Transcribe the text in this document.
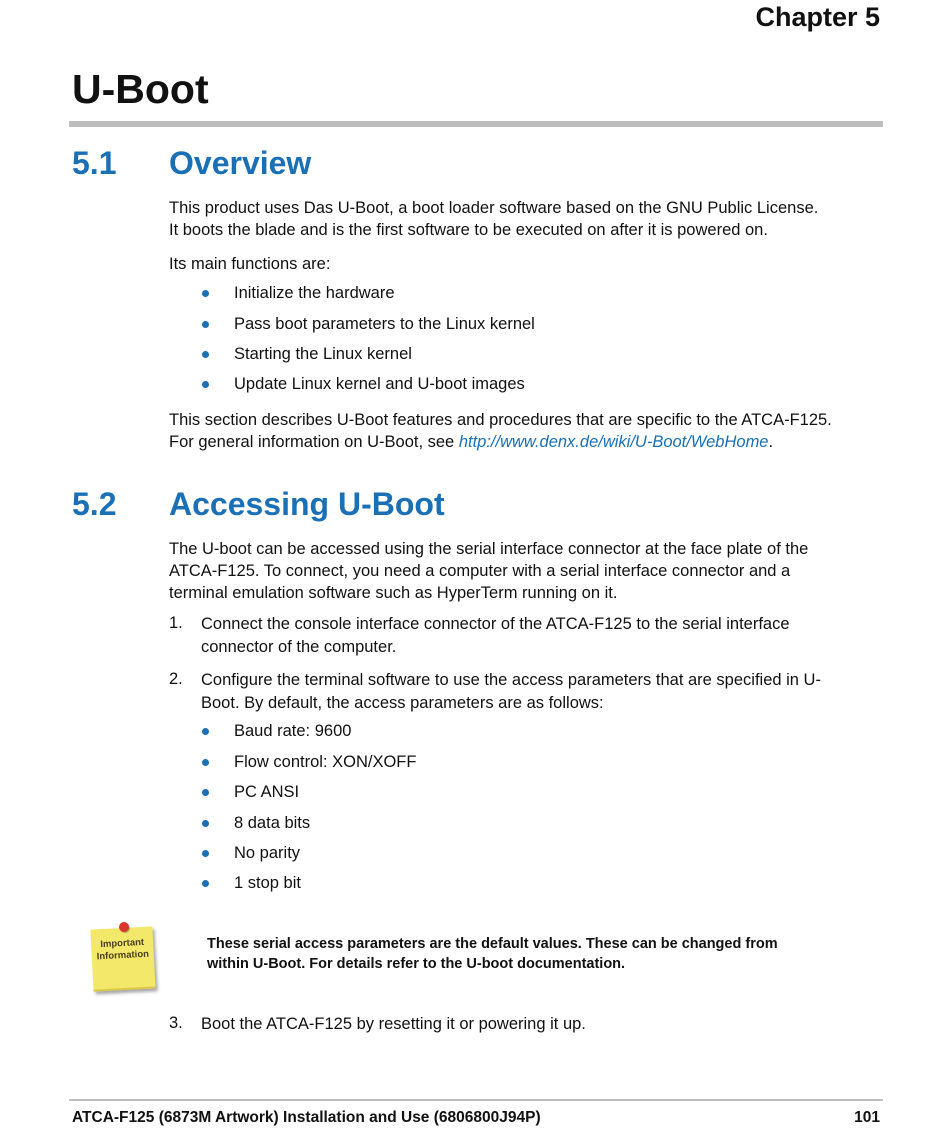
Chapter 5
U-Boot
5.1 Overview
This product uses Das U-Boot, a boot loader software based on the GNU Public License.
It boots the blade and is the first software to be executed on after it is powered on.
Its main functions are:
Initialize the hardware
Pass boot parameters to the Linux kernel
Starting the Linux kernel
Update Linux kernel and U-boot images
This section describes U-Boot features and procedures that are specific to the ATCA-F125.
For general information on U-Boot, see http://www.denx.de/wiki/U-Boot/WebHome.
5.2 Accessing U-Boot
The U-boot can be accessed using the serial interface connector at the face plate of the
ATCA-F125. To connect, you need a computer with a serial interface connector and a
terminal emulation software such as HyperTerm running on it.
1. Connect the console interface connector of the ATCA-F125 to the serial interface
connector of the computer.
2. Configure the terminal software to use the access parameters that are specified in U-
Boot. By default, the access parameters are as follows:
Baud rate: 9600
Flow control: XON/XOFF
PC ANSI
8 data bits
No parity
1 stop bit
Important
Information
These serial access parameters are the default values. These can be changed from
within U-Boot. For details refer to the U-boot documentation.
3. Boot the ATCA-F125 by resetting it or powering it up.
ATCA-F125 (6873M Artwork) Installation and Use (6806800J94P)	101
